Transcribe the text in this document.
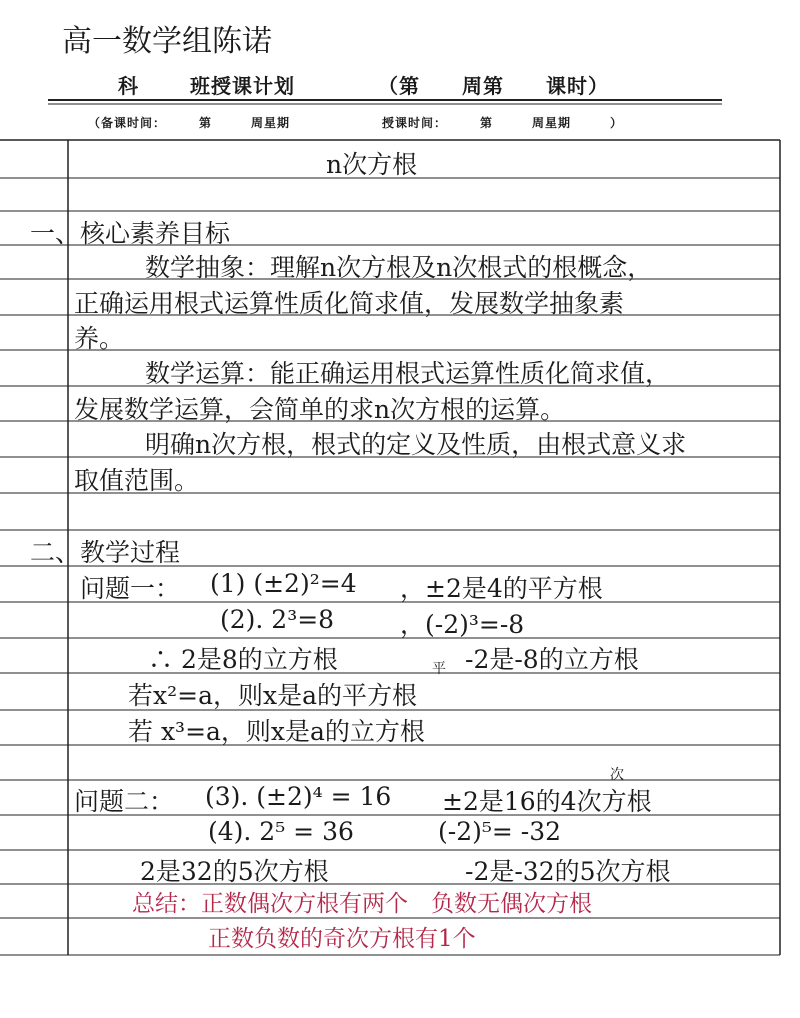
高一数学组陈诺
科	班授课计划	（第　　周第　　课时）
（备课时间：　　　第　　　周星期	授课时间：　　　第　　　周星期　　　）
n次方根
一、 核心素养目标
数学抽象：理解n次方根及n次根式的根概念，
正确运用根式运算性质化简求值，发展数学抽象素
养。
数学运算：能正确运用根式运算性质化简求值，
发展数学运算，会简单的求n次方根的运算。
明确n次方根，根式的定义及性质，由根式意义求
取值范围。
二、 教学过程
问题一： (1) (±2)²=4 ，±2是4的平方根
(2). 2³=8	，(-2)³=-8
∴ 2是8的立方根	-2是-8的立方根
平
若x²=a，则x是a的平方根
若 x³=a，则x是a的立方根
问题二： (3). (±2)⁴ = 16 ±2是16的4次方根
次
(4). 2⁵ = 36	(-2)⁵= -32
2是32的5次方根	-2是-32的5次方根
总结：正数偶次方根有两个　负数无偶次方根
正数负数的奇次方根有1个
